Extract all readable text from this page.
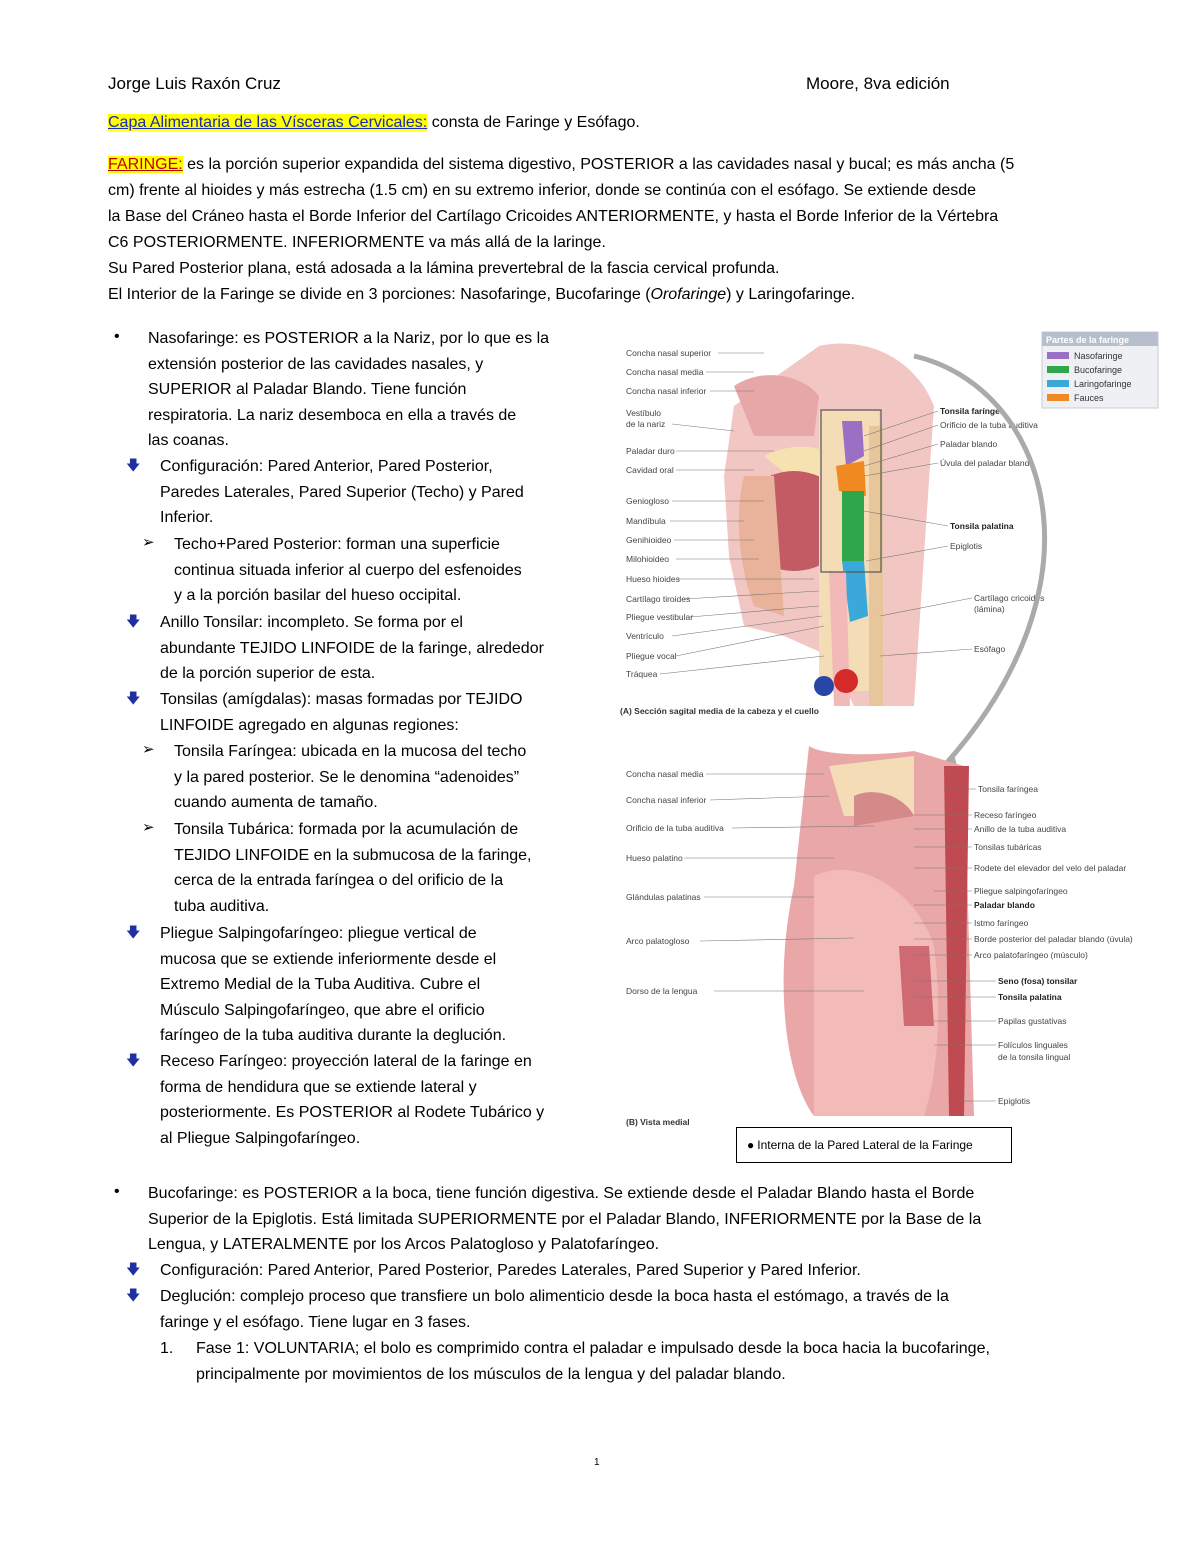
Jorge Luis Raxón Cruz	Moore, 8va edición
Capa Alimentaria de las Vísceras Cervicales: consta de Faringe y Esófago.
FARINGE: es la porción superior expandida del sistema digestivo, POSTERIOR a las cavidades nasal y bucal; es más ancha (5
cm) frente al hioides y más estrecha (1.5 cm) en su extremo inferior, donde se continúa con el esófago. Se extiende desde
la Base del Cráneo hasta el Borde Inferior del Cartílago Cricoides ANTERIORMENTE, y hasta el Borde Inferior de la Vértebra
C6 POSTERIORMENTE. INFERIORMENTE va más allá de la laringe.
Su Pared Posterior plana, está adosada a la lámina prevertebral de la fascia cervical profunda.
El Interior de la Faringe se divide en 3 porciones: Nasofaringe, Bucofaringe (Orofaringe) y Laringofaringe.
• Nasofaringe: es POSTERIOR a la Nariz, por lo que es la
extensión posterior de las cavidades nasales, y
SUPERIOR al Paladar Blando. Tiene función
respiratoria. La nariz desemboca en ella a través de
las coanas.
🡇 Configuración: Pared Anterior, Pared Posterior,
Paredes Laterales, Pared Superior (Techo) y Pared
Inferior.
➢ Techo+Pared Posterior: forman una superficie
continua situada inferior al cuerpo del esfenoides
y a la porción basilar del hueso occipital.
🡇 Anillo Tonsilar: incompleto. Se forma por el
abundante TEJIDO LINFOIDE de la faringe, alrededor
de la porción superior de esta.
🡇 Tonsilas (amígdalas): masas formadas por TEJIDO
LINFOIDE agregado en algunas regiones:
➢ Tonsila Faríngea: ubicada en la mucosa del techo
y la pared posterior. Se le denomina “adenoides”
cuando aumenta de tamaño.
➢ Tonsila Tubárica: formada por la acumulación de
TEJIDO LINFOIDE en la submucosa de la faringe,
cerca de la entrada faríngea o del orificio de la
tuba auditiva.
🡇 Pliegue Salpingofaríngeo: pliegue vertical de
mucosa que se extiende inferiormente desde el
Extremo Medial de la Tuba Auditiva. Cubre el
Músculo Salpingofaríngeo, que abre el orificio
faríngeo de la tuba auditiva durante la deglución.
🡇 Receso Faríngeo: proyección lateral de la faringe en
forma de hendidura que se extiende lateral y
posteriormente. Es POSTERIOR al Rodete Tubárico y
al Pliegue Salpingofaríngeo.
Partes de la faringe
Nasofaringe
Bucofaringe
Laringofaringe
Fauces
Concha nasal superior
Concha nasal media
Concha nasal inferior
Vestíbulo
de la nariz
Paladar duro
Cavidad oral
Geniogloso
Mandíbula
Genihioideo
Milohioideo
Hueso hioides
Cartílago tiroides
Pliegue vestibular
Ventrículo
Pliegue vocal
Tráquea
Tonsila faríngea
Orificio de la tuba auditiva
Paladar blando
Úvula del paladar blando
Tonsila palatina
Epiglotis
Cartílago cricoides
(lámina)
Esófago
(A) Sección sagital media de la cabeza y el cuello
Concha nasal media
Concha nasal inferior
Orificio de la tuba auditiva
Hueso palatino
Glándulas palatinas
Arco palatogloso
Dorso de la lengua
Tonsila faríngea
Receso faríngeo
Anillo de la tuba auditiva
Tonsilas tubáricas
Rodete del elevador del velo del paladar
Pliegue salpingofaríngeo
Paladar blando
Istmo faríngeo
Borde posterior del paladar blando (úvula)
Arco palatofaríngeo (músculo)
Seno (fosa) tonsilar
Tonsila palatina
Papilas gustativas
Folículos linguales
de la tonsila lingual
Epiglotis
(B) Vista medial
● Interna de la Pared Lateral de la Faringe
• Bucofaringe: es POSTERIOR a la boca, tiene función digestiva. Se extiende desde el Paladar Blando hasta el Borde
Superior de la Epiglotis. Está limitada SUPERIORMENTE por el Paladar Blando, INFERIORMENTE por la Base de la
Lengua, y LATERALMENTE por los Arcos Palatogloso y Palatofaríngeo.
🡇 Configuración: Pared Anterior, Pared Posterior, Paredes Laterales, Pared Superior y Pared Inferior.
🡇 Deglución: complejo proceso que transfiere un bolo alimenticio desde la boca hasta el estómago, a través de la
faringe y el esófago. Tiene lugar en 3 fases.
1. Fase 1: VOLUNTARIA; el bolo es comprimido contra el paladar e impulsado desde la boca hacia la bucofaringe,
principalmente por movimientos de los músculos de la lengua y del paladar blando.
1
